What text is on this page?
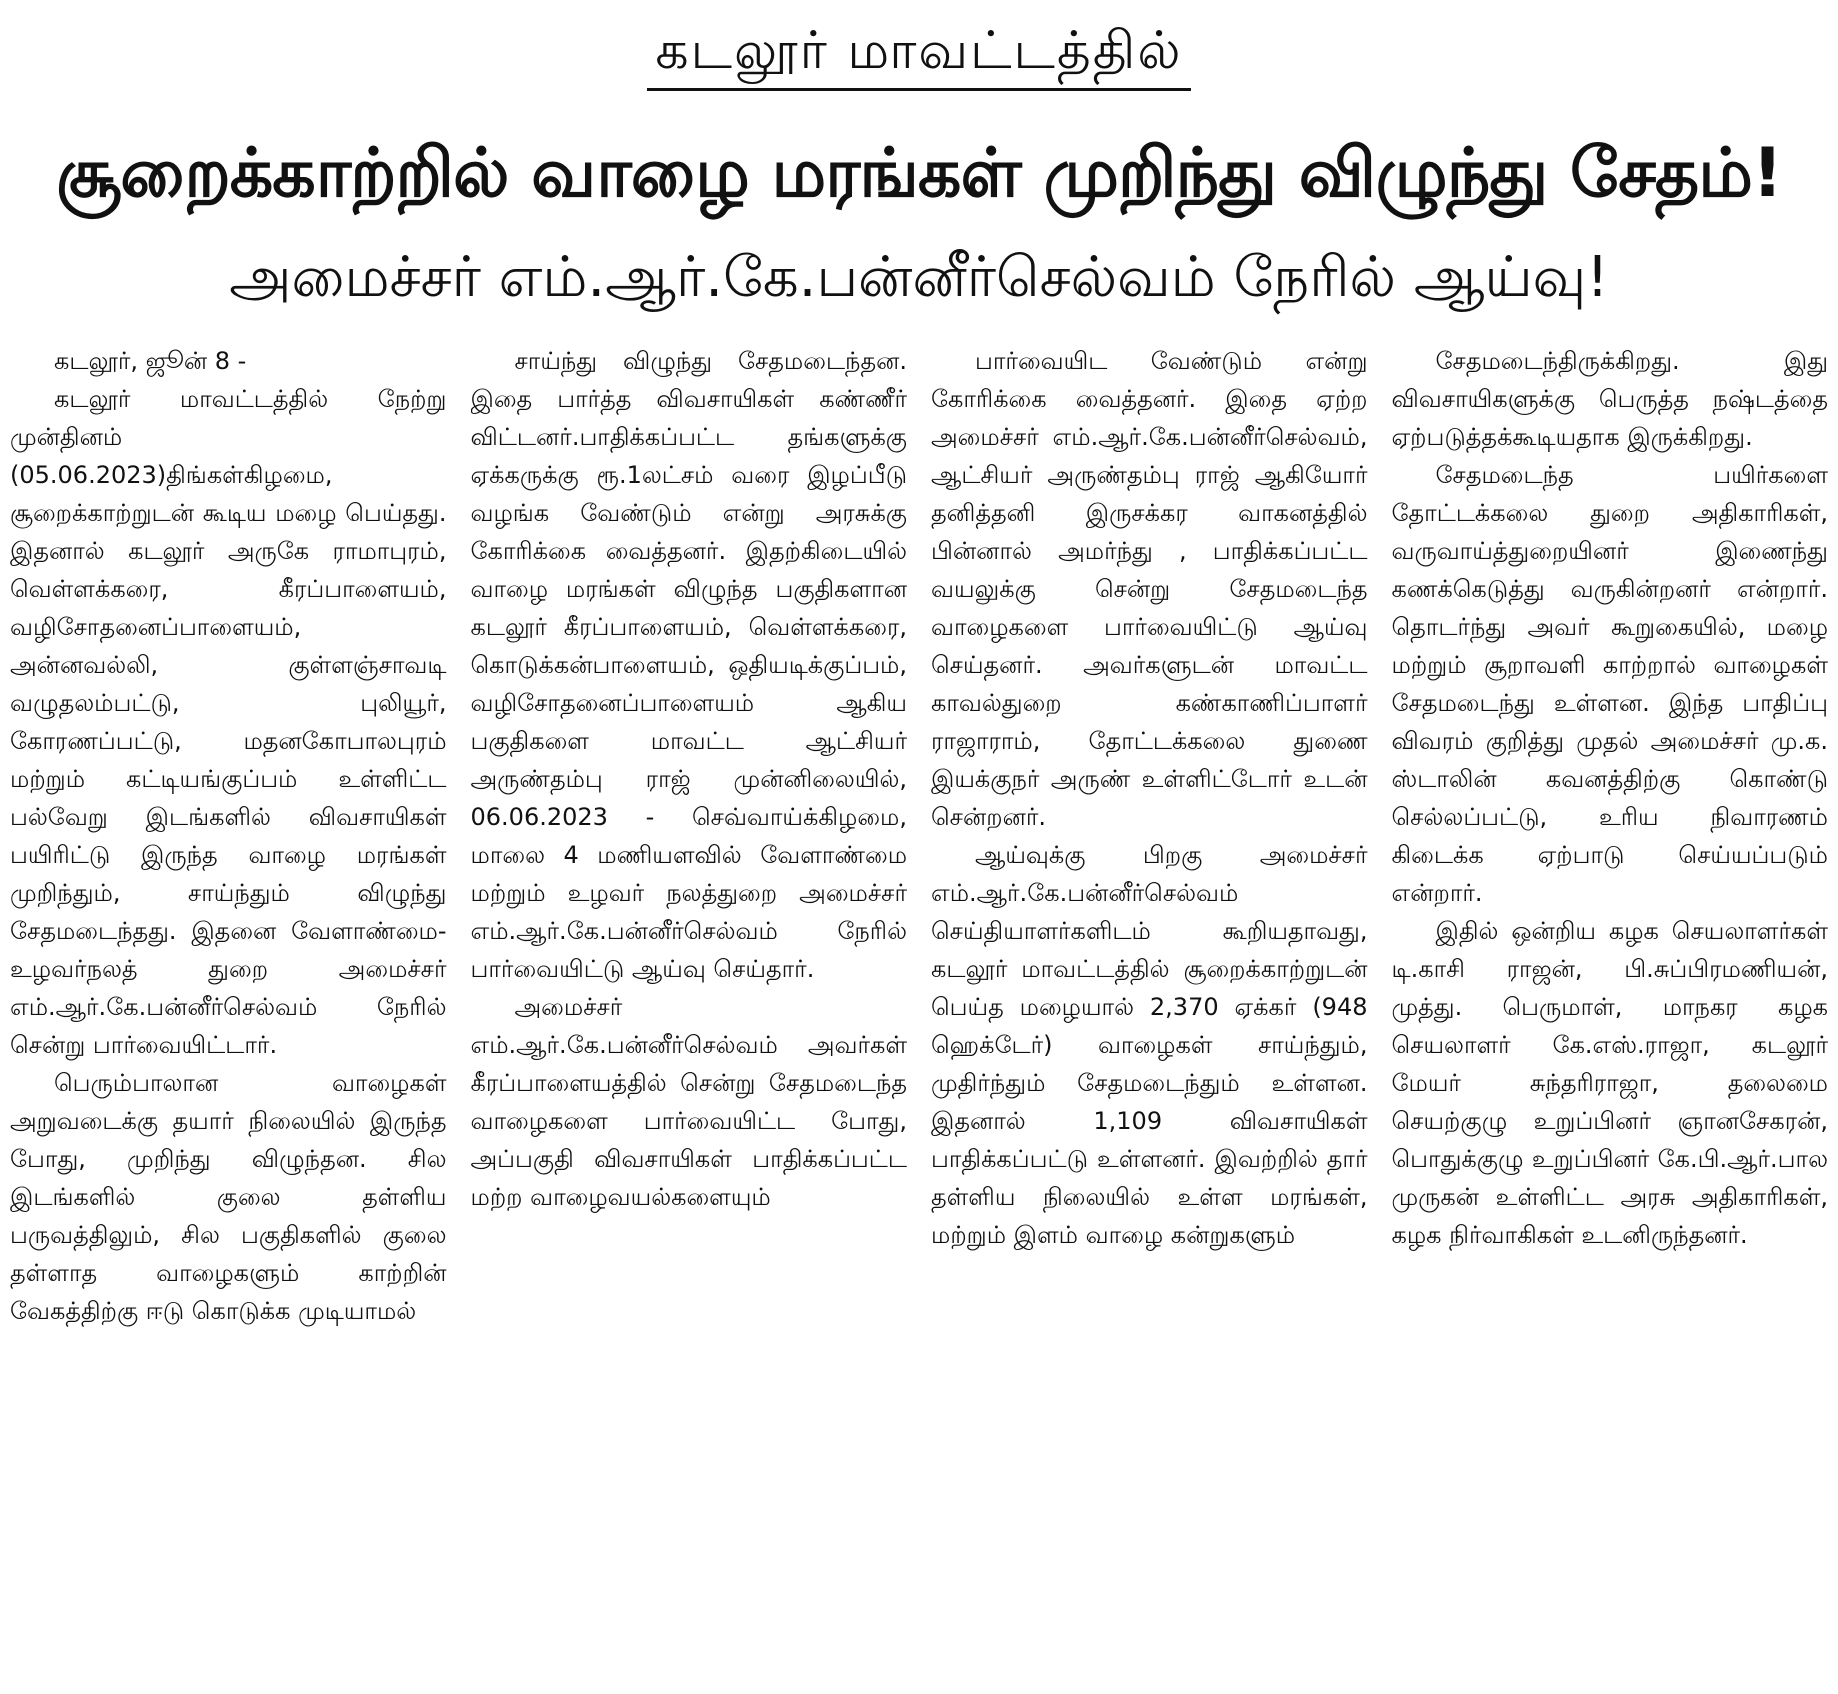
கடலூர் மாவட்டத்தில்
சூறைக்காற்றில் வாழை மரங்கள் முறிந்து விழுந்து சேதம்!
அமைச்சர் எம்.ஆர்.கே.பன்னீர்செல்வம் நேரில் ஆய்வு!

கடலூர், ஜூன் 8 -

கடலூர் மாவட்டத்தில் நேற்று முன்தினம் (05.06.2023)திங்கள்கிழமை, சூறைக்காற்றுடன் கூடிய மழை பெய்தது. இதனால் கடலூர் அருகே ராமாபுரம், வெள்ளக்கரை, கீரப்பாளையம், வழிசோதனைப்பாளையம், அன்னவல்லி, குள்ளஞ்சாவடி வழுதலம்பட்டு, புலியூர், கோரணப்பட்டு, மதனகோபாலபுரம் மற்றும் கட்டியங்குப்பம் உள்ளிட்ட பல்வேறு இடங்களில் விவசாயிகள் பயிரிட்டு இருந்த வாழை மரங்கள் முறிந்தும், சாய்ந்தும் விழுந்து சேதமடைந்தது. இதனை வேளாண்மை-உழவர்நலத் துறை அமைச்சர் எம்.ஆர்.கே.பன்னீர்செல்வம் நேரில் சென்று பார்வையிட்டார்.

பெரும்பாலான வாழைகள் அறுவடைக்கு தயார் நிலையில் இருந்த போது, முறிந்து விழுந்தன. சில இடங்களில் குலை தள்ளிய பருவத்திலும், சில பகுதிகளில் குலை தள்ளாத வாழைகளும் காற்றின் வேகத்திற்கு ஈடு கொடுக்க முடியாமல்

சாய்ந்து விழுந்து சேதமடைந்தன. இதை பார்த்த விவசாயிகள் கண்ணீர் விட்டனர்.பாதிக்கப்பட்ட தங்களுக்கு ஏக்கருக்கு ரூ.1லட்சம் வரை இழப்பீடு வழங்க வேண்டும் என்று அரசுக்கு கோரிக்கை வைத்தனர். இதற்கிடையில் வாழை மரங்கள் விழுந்த பகுதிகளான கடலூர் கீரப்பாளையம், வெள்ளக்கரை, கொடுக்கன்பாளையம், ஒதியடிக்குப்பம், வழிசோதனைப்பாளையம் ஆகிய பகுதிகளை மாவட்ட ஆட்சியர் அருண்தம்பு ராஜ் முன்னிலையில், 06.06.2023 - செவ்வாய்க்கிழமை, மாலை 4 மணியளவில் வேளாண்மை மற்றும் உழவர் நலத்துறை அமைச்சர் எம்.ஆர்.கே.பன்னீர்செல்வம் நேரில் பார்வையிட்டு ஆய்வு செய்தார்.

அமைச்சர் எம்.ஆர்.கே.பன்னீர்செல்வம் அவர்கள் கீரப்பாளையத்தில் சென்று சேதமடைந்த வாழைகளை பார்வையிட்ட போது, அப்பகுதி விவசாயிகள் பாதிக்கப்பட்ட மற்ற வாழைவயல்களையும்

பார்வையிட வேண்டும் என்று கோரிக்கை வைத்தனர். இதை ஏற்ற அமைச்சர் எம்.ஆர்.கே.பன்னீர்செல்வம், ஆட்சியர் அருண்தம்பு ராஜ் ஆகியோர் தனித்தனி இருசக்கர வாகனத்தில் பின்னால் அமர்ந்து , பாதிக்கப்பட்ட வயலுக்கு சென்று சேதமடைந்த வாழைகளை பார்வையிட்டு ஆய்வு செய்தனர். அவர்களுடன் மாவட்ட காவல்துறை கண்காணிப்பாளர் ராஜாராம், தோட்டக்கலை துணை இயக்குநர் அருண் உள்ளிட்டோர் உடன் சென்றனர்.

ஆய்வுக்கு பிறகு அமைச்சர் எம்.ஆர்.கே.பன்னீர்செல்வம் செய்தியாளர்களிடம் கூறியதாவது, கடலூர் மாவட்டத்தில் சூறைக்காற்றுடன் பெய்த மழையால் 2,370 ஏக்கர் (948 ஹெக்டேர்) வாழைகள் சாய்ந்தும், முதிர்ந்தும் சேதமடைந்தும் உள்ளன. இதனால் 1,109 விவசாயிகள் பாதிக்கப்பட்டு உள்ளனர். இவற்றில் தார் தள்ளிய நிலையில் உள்ள மரங்கள், மற்றும் இளம் வாழை கன்றுகளும்

சேதமடைந்திருக்கிறது. இது விவசாயிகளுக்கு பெருத்த நஷ்டத்தை ஏற்படுத்தக்கூடியதாக இருக்கிறது.

சேதமடைந்த பயிர்களை தோட்டக்கலை துறை அதிகாரிகள், வருவாய்த்துறையினர் இணைந்து கணக்கெடுத்து வருகின்றனர் என்றார். தொடர்ந்து அவர் கூறுகையில், மழை மற்றும் சூறாவளி காற்றால் வாழைகள் சேதமடைந்து உள்ளன. இந்த பாதிப்பு விவரம் குறித்து முதல் அமைச்சர் மு.க. ஸ்டாலின் கவனத்திற்கு கொண்டு செல்லப்பட்டு, உரிய நிவாரணம் கிடைக்க ஏற்பாடு செய்யப்படும் என்றார்.

இதில் ஒன்றிய கழக செயலாளர்கள் டி.காசி ராஜன், பி.சுப்பிரமணியன், முத்து. பெருமாள், மாநகர கழக செயலாளர் கே.எஸ்.ராஜா, கடலூர் மேயர் சுந்தரிராஜா, தலைமை செயற்குழு உறுப்பினர் ஞானசேகரன், பொதுக்குழு உறுப்பினர் கே.பி.ஆர்.பால முருகன் உள்ளிட்ட அரசு அதிகாரிகள், கழக நிர்வாகிகள் உடனிருந்தனர்.
